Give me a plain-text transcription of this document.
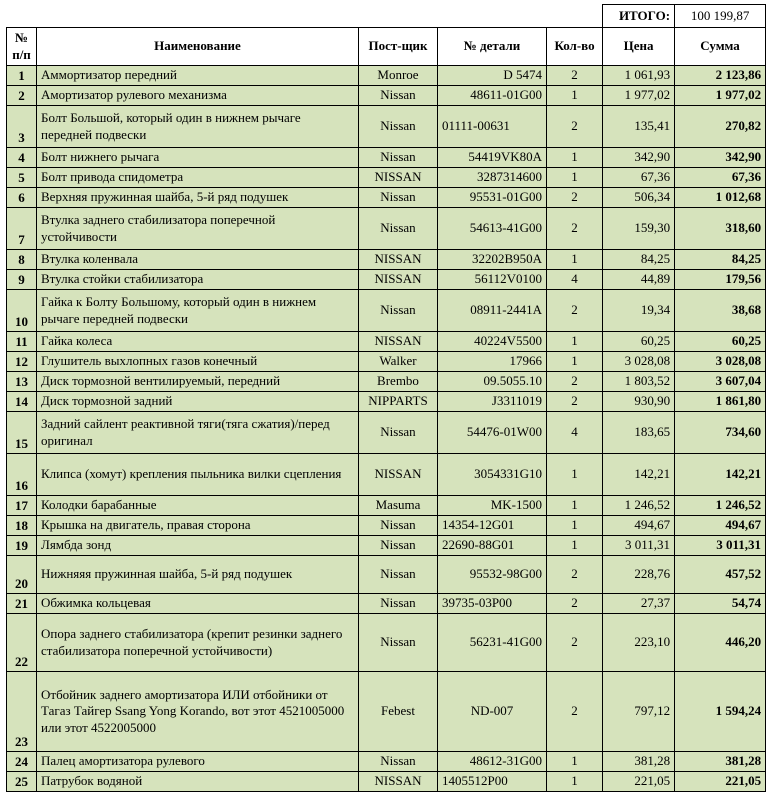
					ИТОГО:	100 199,87
№ п/п	Наименование	Пост-щик	№ детали	Кол-во	Цена	Сумма
1	Аммортизатор передний	Monroe	D 5474	2	1 061,93	2 123,86
2	Амортизатор рулевого механизма	Nissan	48611-01G00	1	1 977,02	1 977,02
3	Болт Большой, который один в нижнем рычаге передней подвески	Nissan	01111-00631	2	135,41	270,82
4	Болт нижнего рычага	Nissan	54419VK80A	1	342,90	342,90
5	Болт привода спидометра	NISSAN	3287314600	1	67,36	67,36
6	Верхняя пружинная шайба, 5-й ряд подушек	Nissan	95531-01G00	2	506,34	1 012,68
7	Втулка заднего стабилизатора поперечной устойчивости	Nissan	54613-41G00	2	159,30	318,60
8	Втулка коленвала	NISSAN	32202B950A	1	84,25	84,25
9	Втулка стойки стабилизатора	NISSAN	56112V0100	4	44,89	179,56
10	Гайка к Болту Большому, который один в нижнем рычаге передней подвески	Nissan	08911-2441A	2	19,34	38,68
11	Гайка колеса	NISSAN	40224V5500	1	60,25	60,25
12	Глушитель выхлопных газов конечный	Walker	17966	1	3 028,08	3 028,08
13	Диск тормозной вентилируемый, передний	Brembo	09.5055.10	2	1 803,52	3 607,04
14	Диск тормозной задний	NIPPARTS	J3311019	2	930,90	1 861,80
15	Задний сайлент реактивной тяги(тяга сжатия)/перед оригинал	Nissan	54476-01W00	4	183,65	734,60
16	Клипса (хомут) крепления пыльника вилки сцепления	NISSAN	3054331G10	1	142,21	142,21
17	Колодки барабанные	Masuma	MK-1500	1	1 246,52	1 246,52
18	Крышка на двигатель, правая сторона	Nissan	14354-12G01	1	494,67	494,67
19	Лямбда зонд	Nissan	22690-88G01	1	3 011,31	3 011,31
20	Нижняяя пружинная шайба, 5-й ряд подушек	Nissan	95532-98G00	2	228,76	457,52
21	Обжимка кольцевая	Nissan	39735-03P00	2	27,37	54,74
22	Опора заднего стабилизатора (крепит резинки заднего стабилизатора поперечной устойчивости)	Nissan	56231-41G00	2	223,10	446,20
23	Отбойник заднего амортизатора ИЛИ отбойники от Тагаз Тайгер Ssang Yong Korando, вот этот 4521005000 или этот 4522005000	Febest	ND-007	2	797,12	1 594,24
24	Палец амортизатора рулевого	Nissan	48612-31G00	1	381,28	381,28
25	Патрубок водяной	NISSAN	1405512P00	1	221,05	221,05
